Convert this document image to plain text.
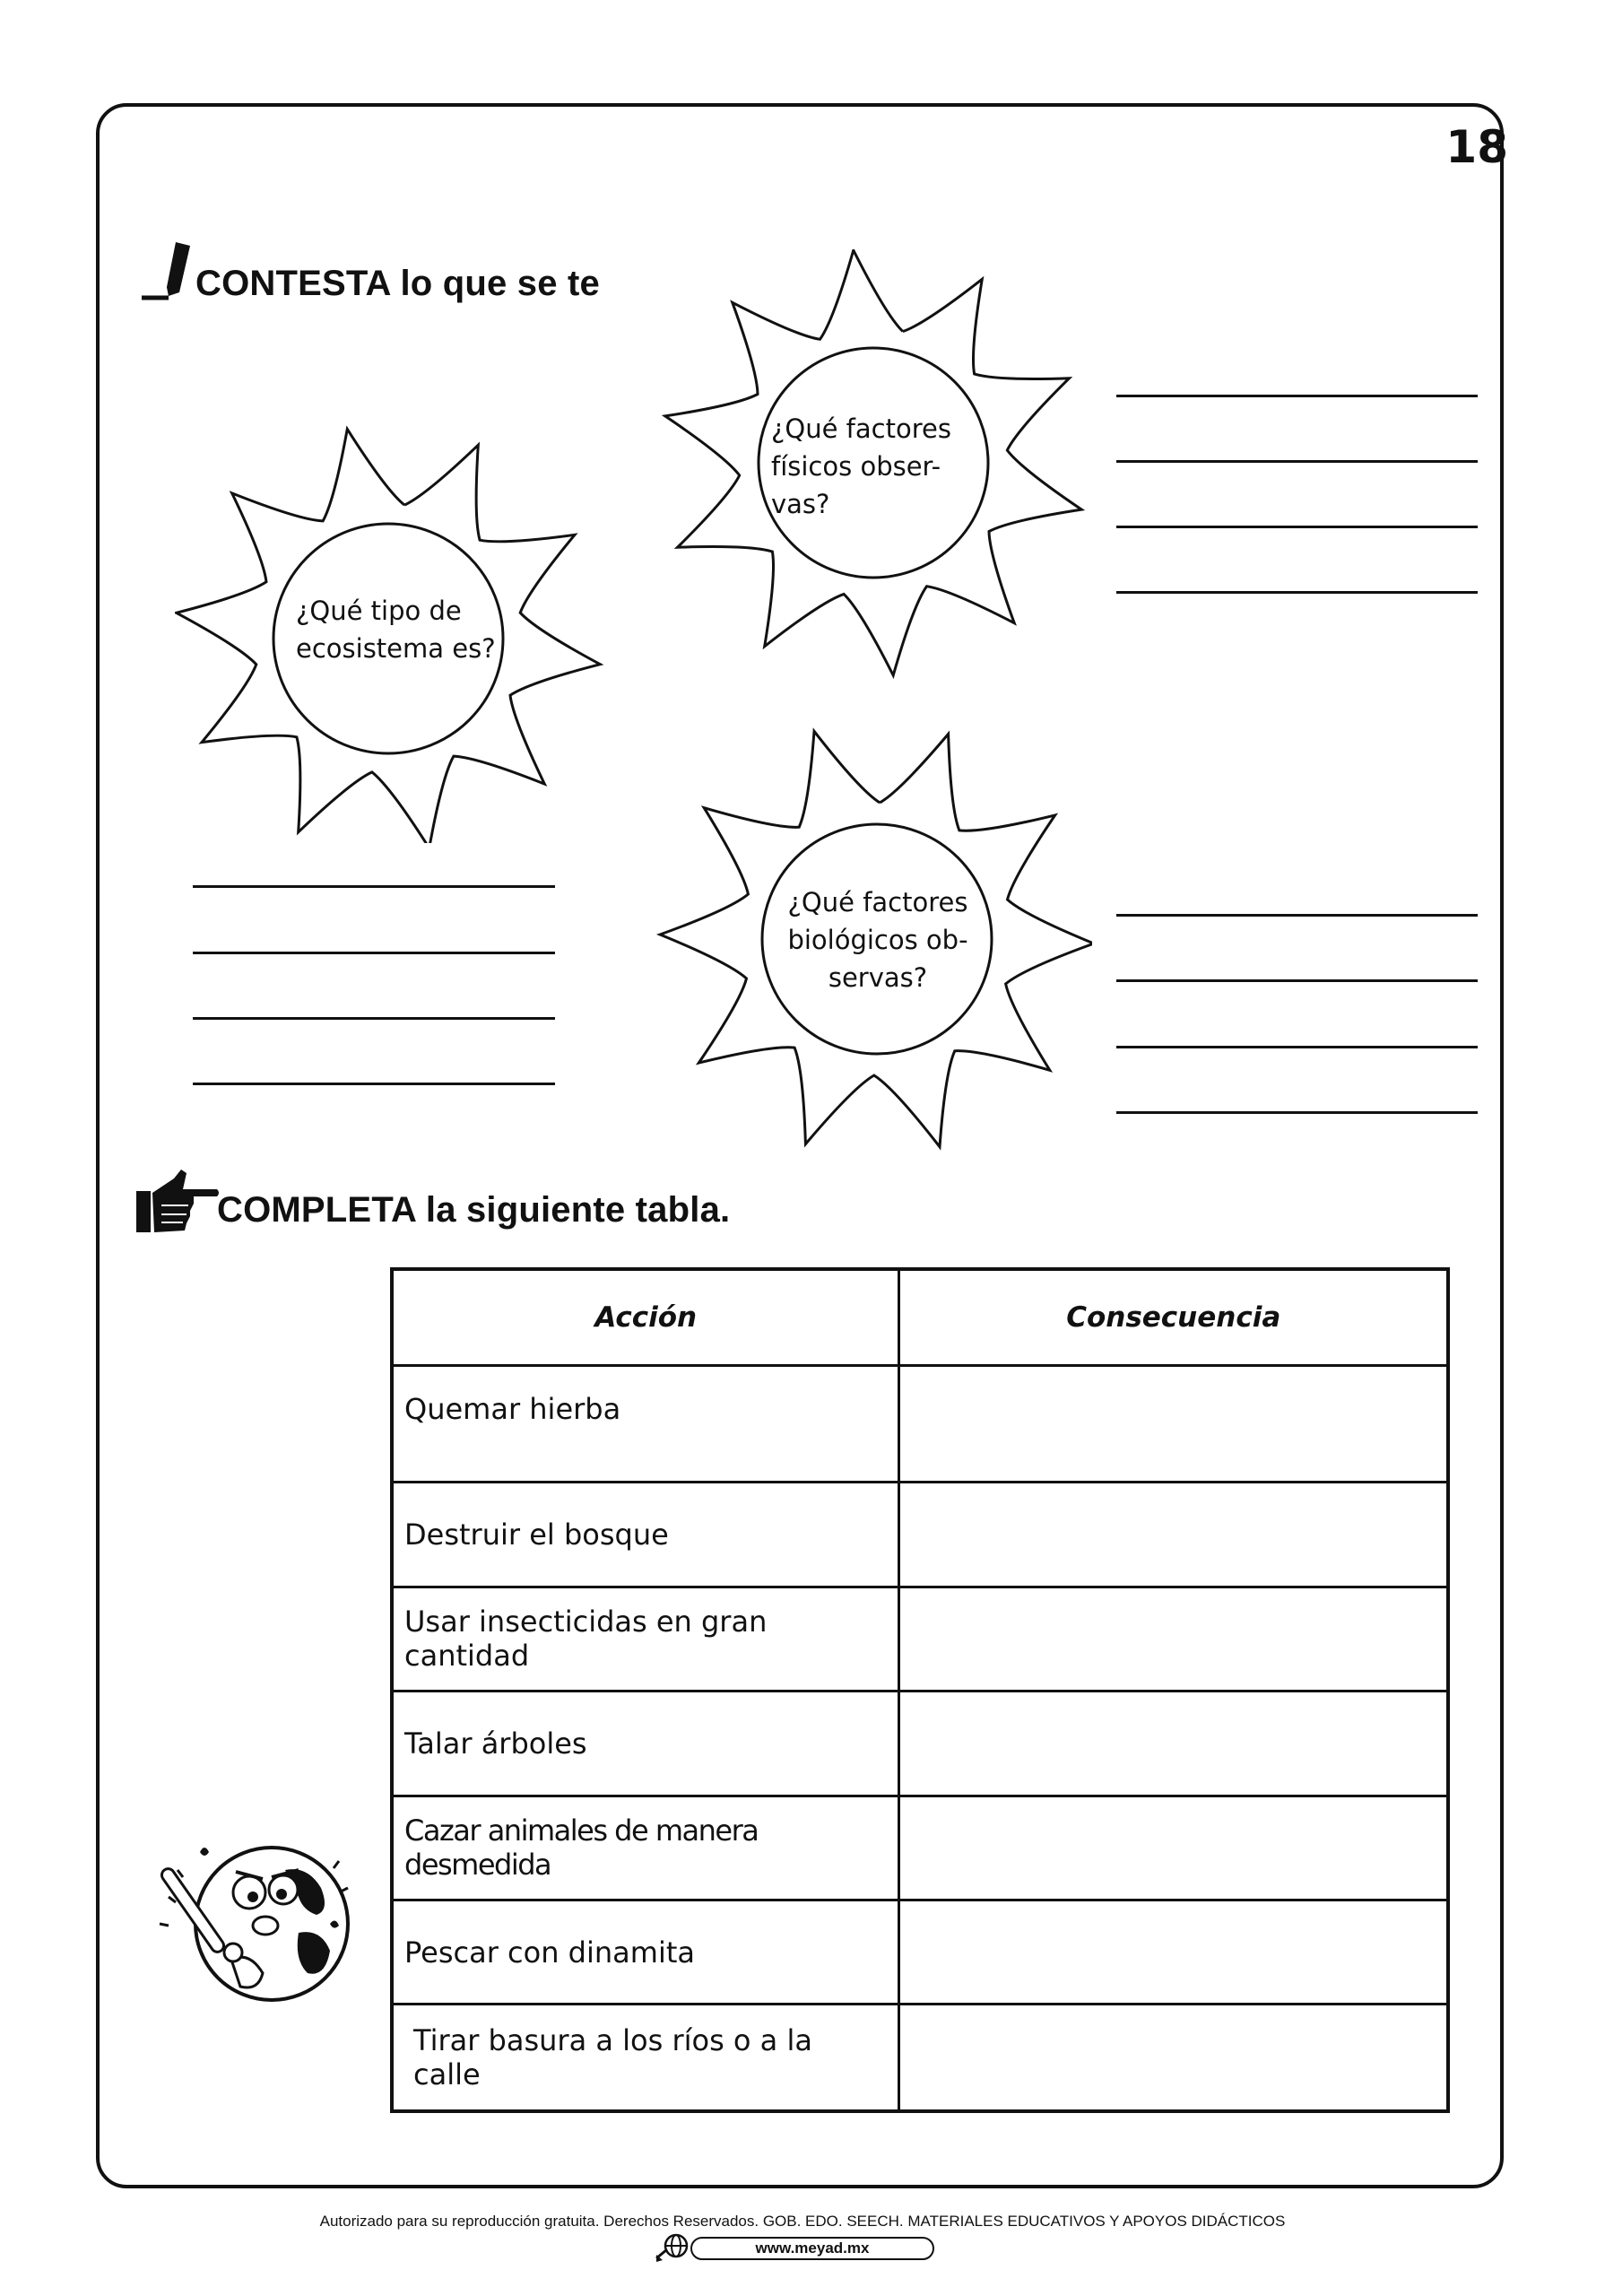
18
CONTESTA lo que se te
¿Qué tipo de
ecosistema es?
¿Qué factores
físicos obser-
vas?
¿Qué factores
biológicos ob-
servas?
COMPLETA la siguiente tabla.
Acción	Consecuencia
Quemar hierba	
Destruir el bosque	
Usar insecticidas en gran cantidad	
Talar árboles	
Cazar animales de manera desmedida	
Pescar con dinamita	
Tirar basura a los ríos o a la calle	
Autorizado para su reproducción gratuita. Derechos Reservados. GOB. EDO. SEECH. MATERIALES EDUCATIVOS Y APOYOS DIDÁCTICOS
www.meyad.mx
